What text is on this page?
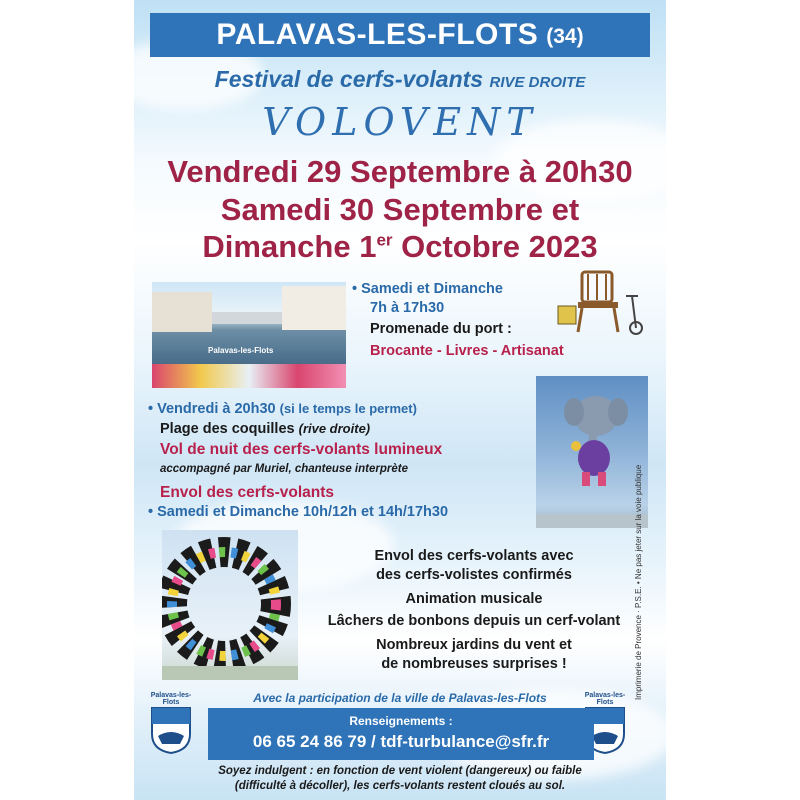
PALAVAS-LES-FLOTS (34)
Festival de cerfs-volants RIVE DROITE
VOLOVENT
Vendredi 29 Septembre à 20h30
Samedi 30 Septembre et
Dimanche 1er Octobre 2023
Palavas-les-Flots
• Samedi et Dimanche
7h à 17h30
Promenade du port :
Brocante - Livres - Artisanat
• Vendredi à 20h30 (si le temps le permet)
Plage des coquilles (rive droite)
Vol de nuit des cerfs-volants lumineux
accompagné par Muriel, chanteuse interprète
Envol des cerfs-volants
• Samedi et Dimanche 10h/12h et 14h/17h30
Envol des cerfs-volants avec
des cerfs-volistes confirmés
Animation musicale
Lâchers de bonbons depuis un cerf-volant
Nombreux jardins du vent et
de nombreuses surprises !	Imprimerie de Provence · P.S.E. • Ne pas jeter sur la voie publique
Avec la participation de la ville de Palavas-les-Flots
Palavas-les-Flots
Palavas-les-Flots
Renseignements :
06 65 24 86 79 / tdf-turbulance@sfr.fr
Soyez indulgent : en fonction de vent violent (dangereux) ou faible
(difficulté à décoller), les cerfs-volants restent cloués au sol.
